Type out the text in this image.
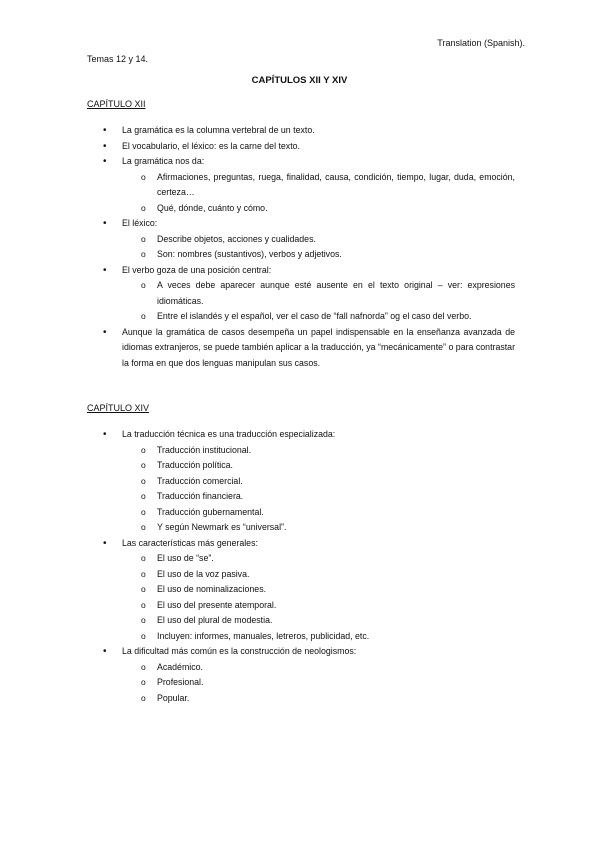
Translation (Spanish).
Temas 12 y 14.
CAPÍTULOS XII Y XIV
CAPÍTULO XII
• La gramática es la columna vertebral de un texto.
• El vocabulario, el léxico: es la carne del texto.
• La gramática nos da:
o Afirmaciones, preguntas, ruega, finalidad, causa, condición, tiempo, lugar, duda, emoción, certeza…
o Qué, dónde, cuánto y cómo.
• El léxico:
o Describe objetos, acciones y cualidades.
o Son: nombres (sustantivos), verbos y adjetivos.
• El verbo goza de una posición central:
o A veces debe aparecer aunque esté ausente en el texto original – ver: expresiones idiomáticas.
o Entre el islandés y el español, ver el caso de “fall nafnorda” og el caso del verbo.
• Aunque la gramática de casos desempeña un papel indispensable en la enseñanza avanzada de idiomas extranjeros, se puede también aplicar a la traducción, ya “mecánicamente” o para contrastar la forma en que dos lenguas manipulan sus casos.
CAPÍTULO XIV
• La traducción técnica es una traducción especializada:
o Traducción institucional.
o Traducción política.
o Traducción comercial.
o Traducción financiera.
o Traducción gubernamental.
o Y según Newmark es “universal”.
• Las características más generales:
o El uso de “se”.
o El uso de la voz pasiva.
o El uso de nominalizaciones.
o El uso del presente atemporal.
o El uso del plural de modestia.
o Incluyen: informes, manuales, letreros, publicidad, etc.
• La dificultad más común es la construcción de neologismos:
o Académico.
o Profesional.
o Popular.
